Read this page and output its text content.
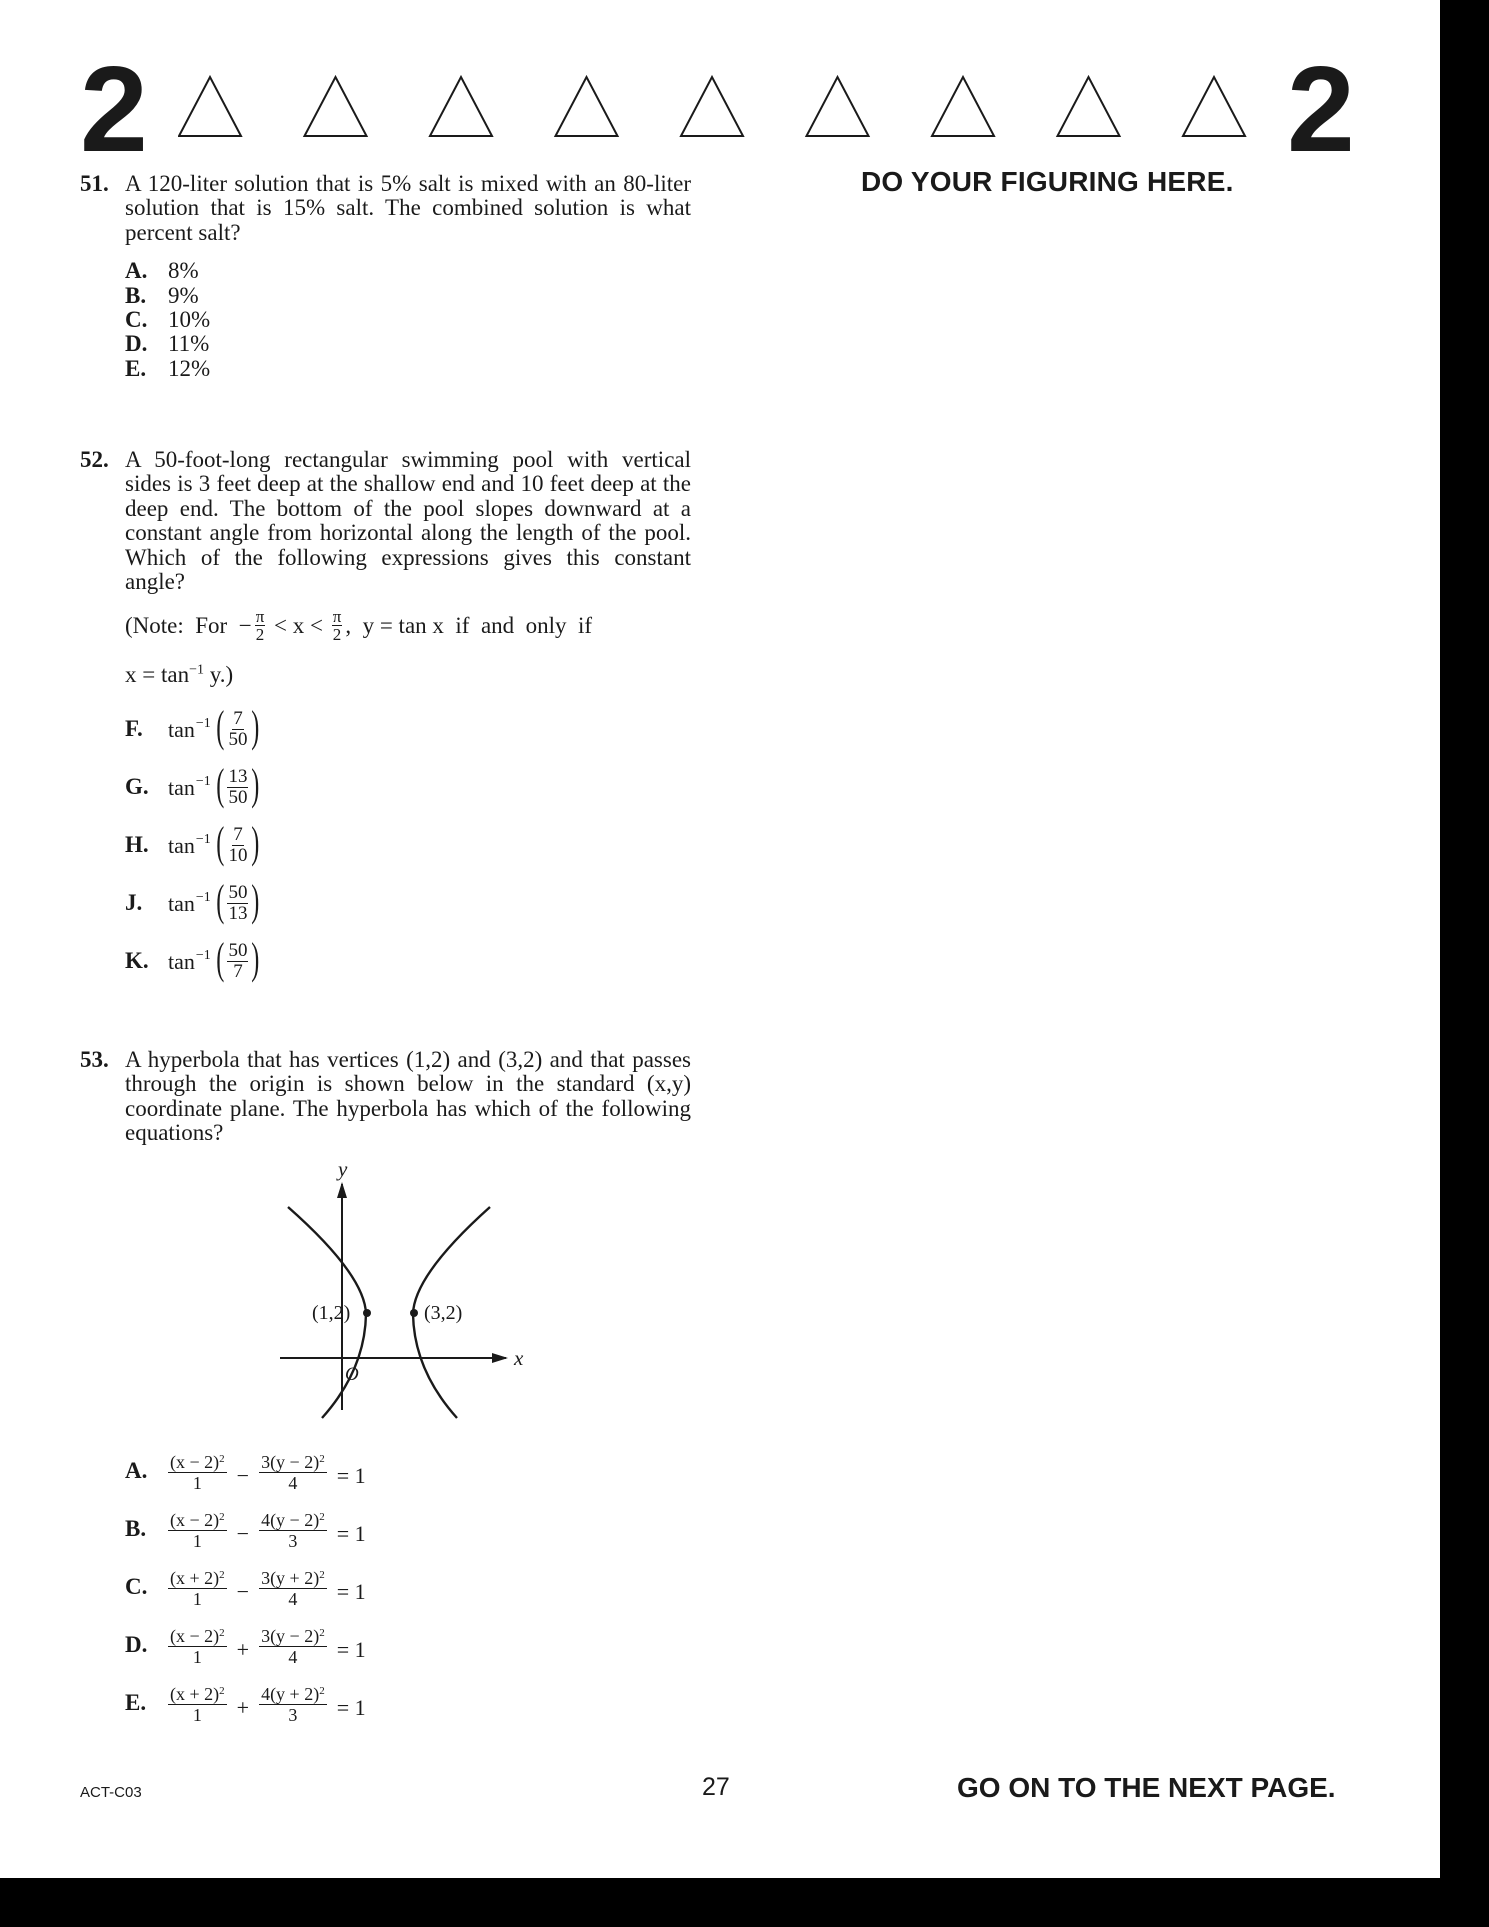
2	2
DO YOUR FIGURING HERE.
51. A 120-liter solution that is 5% salt is mixed with an 80-liter solution that is 15% salt. The combined solution is what percent salt?
A. 8%
B. 9%
C. 10%
D. 11%
E. 12%
52. A 50-foot-long rectangular swimming pool with vertical sides is 3 feet deep at the shallow end and 10 feet deep at the deep end. The bottom of the pool slopes downward at a constant angle from horizontal along the length of the pool. Which of the following expressions gives this constant angle?
(Note:  For  − $\frac{\pi}{2} < x < \frac{\pi}{2}$ ,  y = tan x  if  and  only  if
$x = \tan^{-1} y$.)
F.	$\tan^{-1}$ ( $\frac{7}{50}$ )
G. $\tan^{-1}$ ( $\frac{13}{50}$ )
H. $\tan^{-1}$ ( $\frac{7}{10}$ )
J.	$\tan^{-1}$ ( $\frac{50}{13}$ )
K. $\tan^{-1}$ ( $\frac{50}{7}$ )
53. A hyperbola that has vertices (1,2) and (3,2) and that passes through the origin is shown below in the standard (x,y) coordinate plane. The hyperbola has which of the following equations?
y
x
O
(1,2)	(3,2)
A.	$\frac{(x - 2)^2}{1} - \frac{3(y - 2)^2}{4} = 1$
B.	$\frac{(x - 2)^2}{1} - \frac{4(y - 2)^2}{3} = 1$
C.	$\frac{(x + 2)^2}{1} - \frac{3(y + 2)^2}{4} = 1$
D.	$\frac{(x - 2)^2}{1} + \frac{3(y - 2)^2}{4} = 1$
E.	$\frac{(x + 2)^2}{1} + \frac{4(y + 2)^2}{3} = 1$
ACT-C03	27	GO ON TO THE NEXT PAGE.
